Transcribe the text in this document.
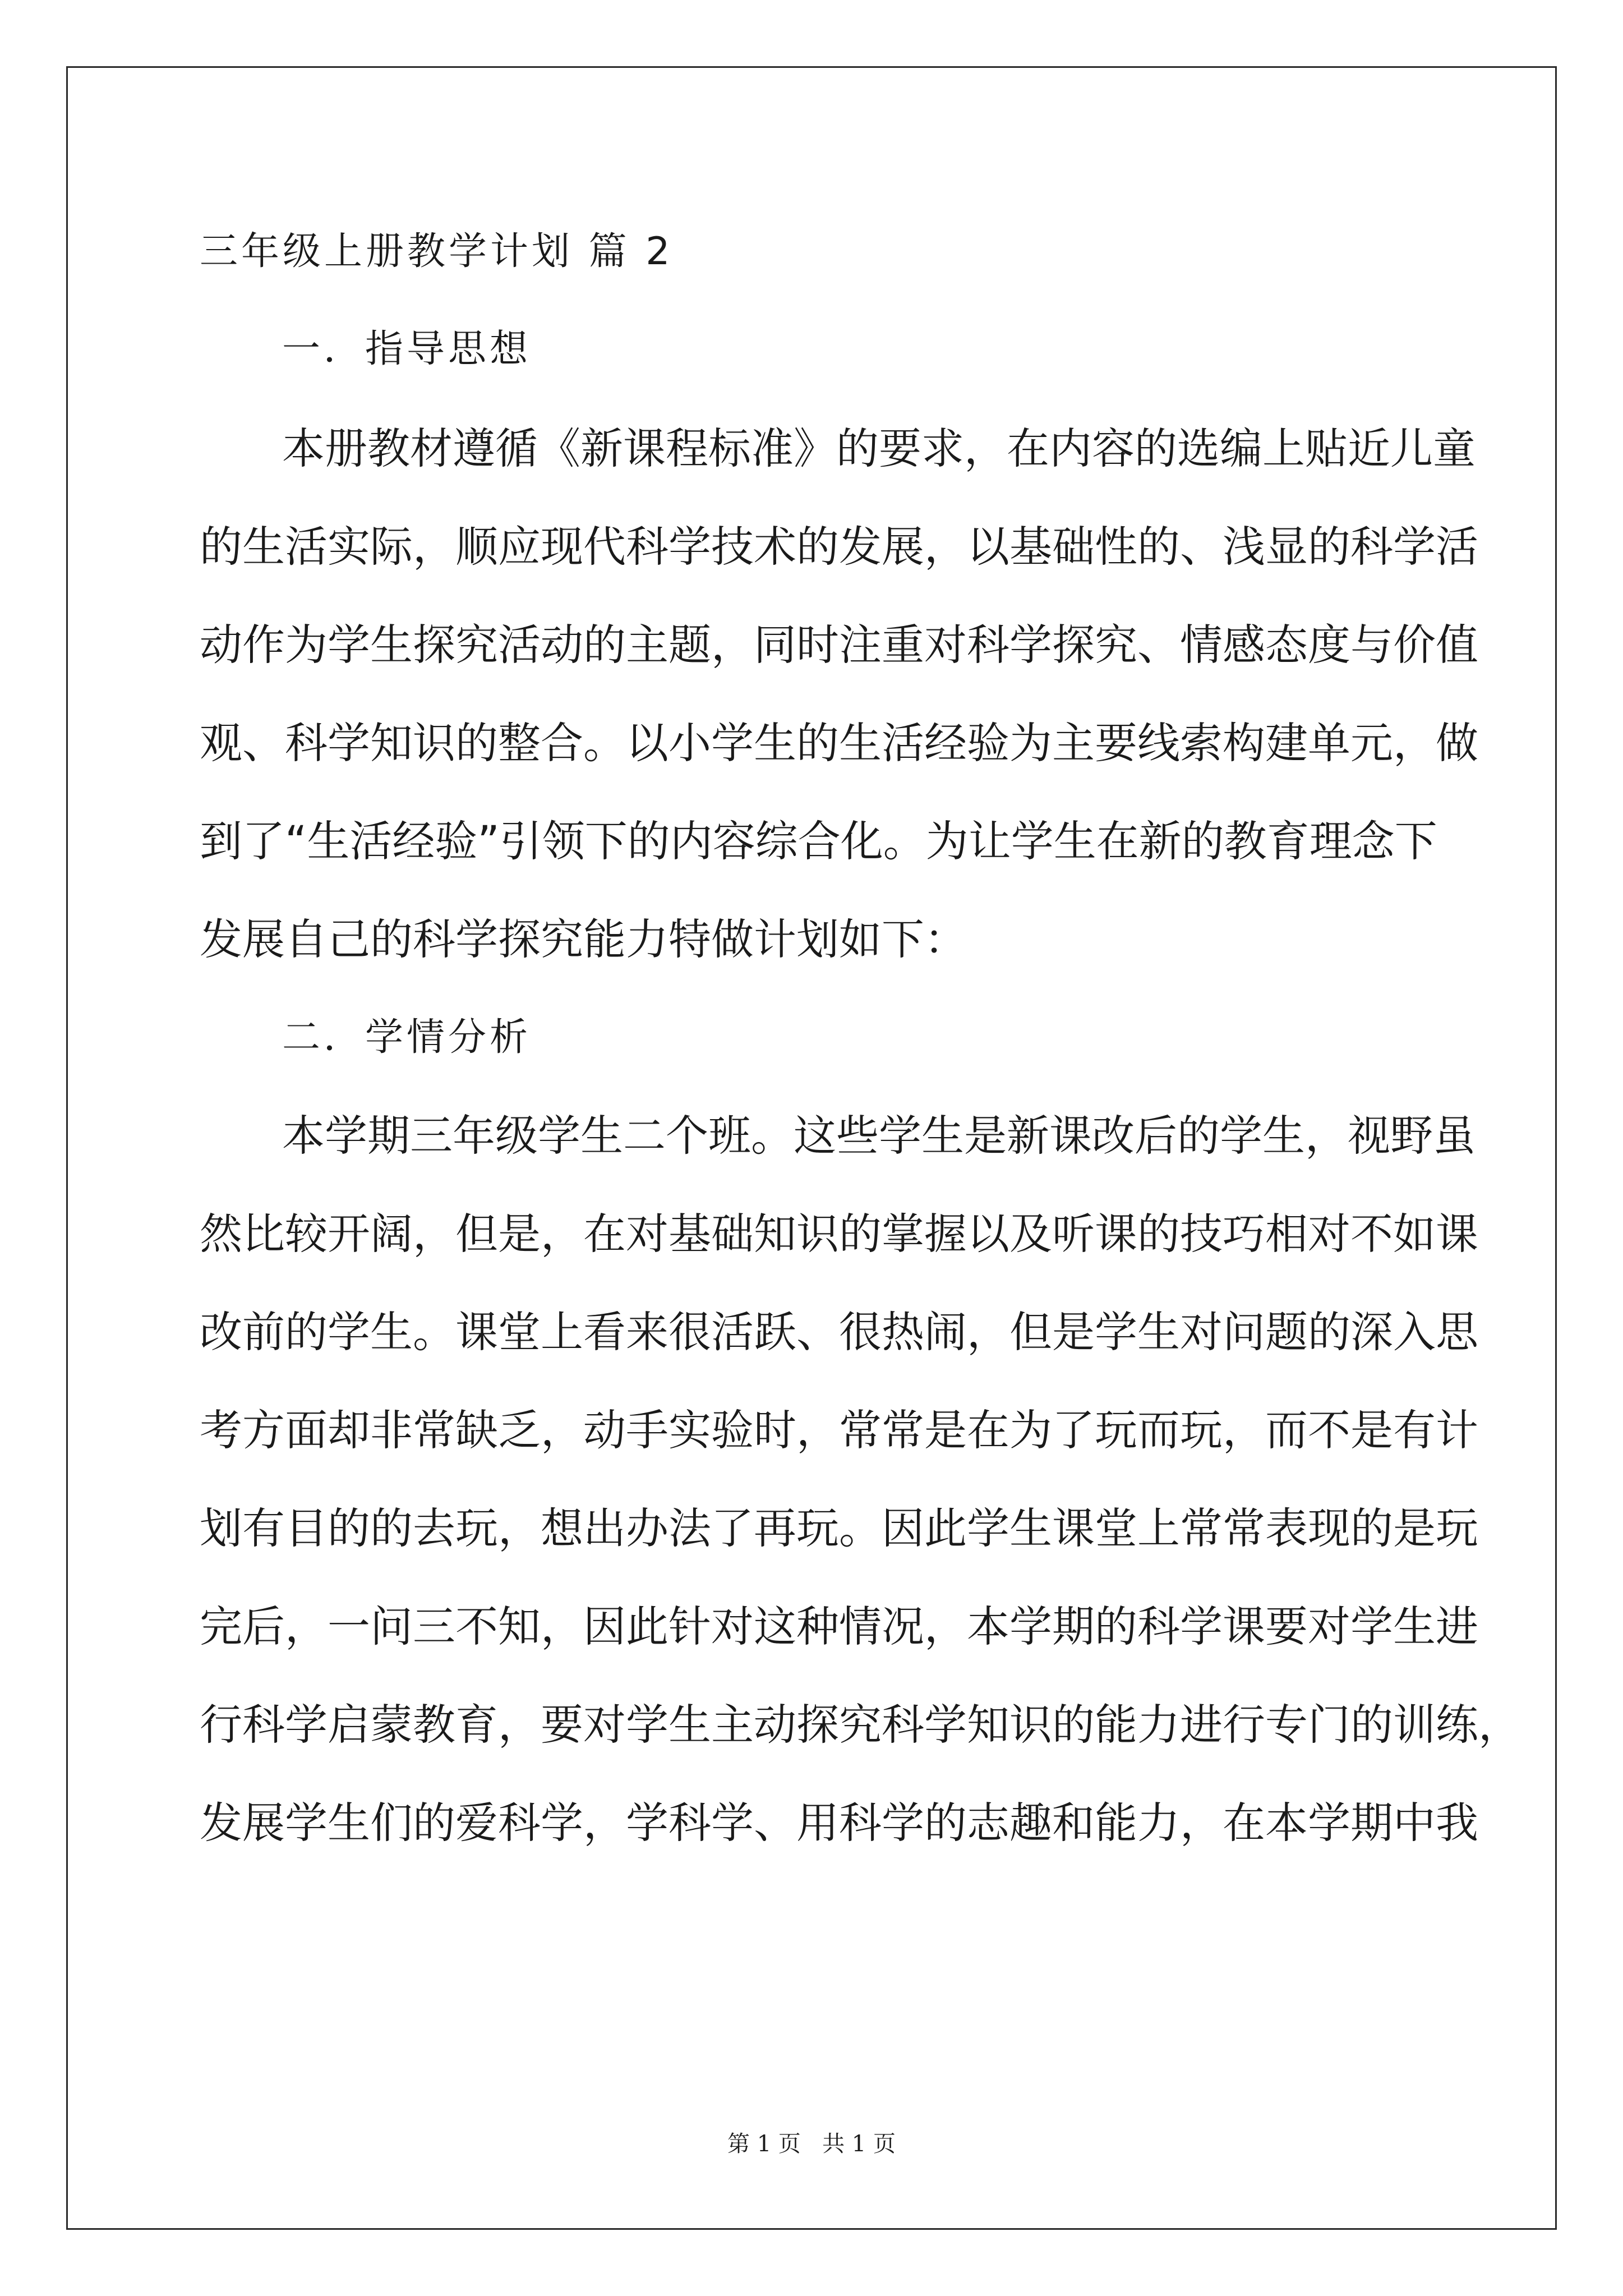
三年级上册教学计划 篇 2
一．指导思想
本册教材遵循《新课程标准》的要求，在内容的选编上贴近儿童
的生活实际，顺应现代科学技术的发展，以基础性的、浅显的科学活
动作为学生探究活动的主题，同时注重对科学探究、情感态度与价值
观、科学知识的整合。以小学生的生活经验为主要线索构建单元，做
到了“生活经验”引领下的内容综合化。为让学生在新的教育理念下
发展自己的科学探究能力特做计划如下：
二．学情分析
本学期三年级学生二个班。这些学生是新课改后的学生，视野虽
然比较开阔，但是，在对基础知识的掌握以及听课的技巧相对不如课
改前的学生。课堂上看来很活跃、很热闹，但是学生对问题的深入思
考方面却非常缺乏，动手实验时，常常是在为了玩而玩，而不是有计
划有目的的去玩，想出办法了再玩。因此学生课堂上常常表现的是玩
完后，一问三不知，因此针对这种情况，本学期的科学课要对学生进
行科学启蒙教育，要对学生主动探究科学知识的能力进行专门的训练，
发展学生们的爱科学，学科学、用科学的志趣和能力，在本学期中我
第 1 页   共 1 页
